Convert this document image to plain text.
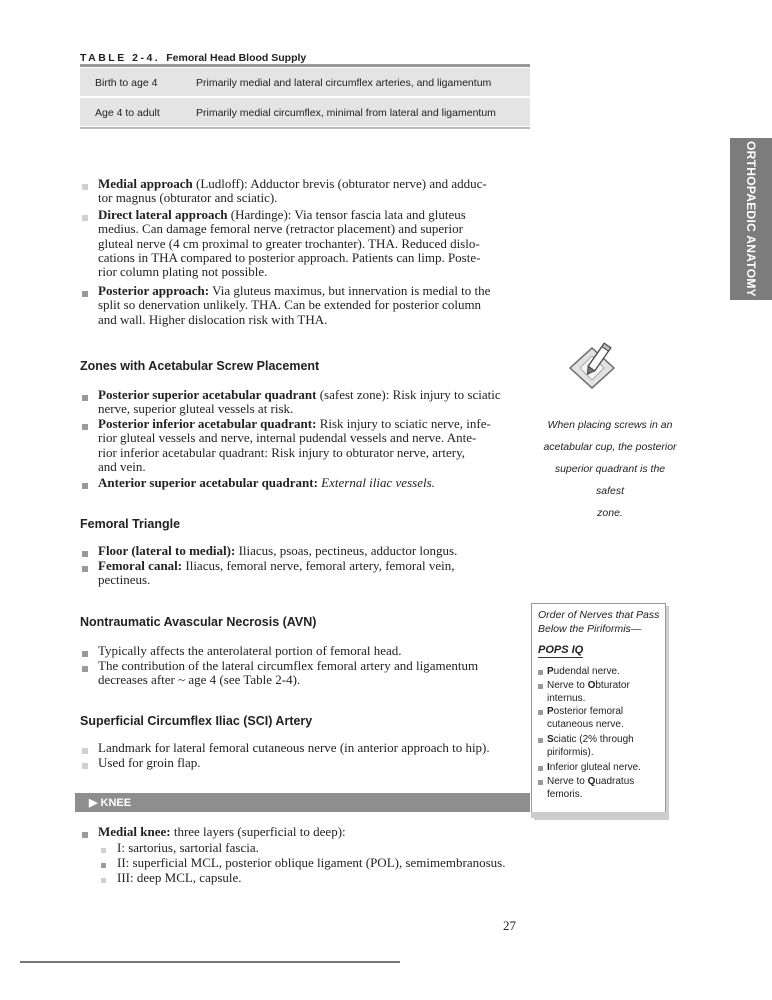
TABLE 2-4. Femoral Head Blood Supply
Birth to age 4	Primarily medial and lateral circumflex arteries, and ligamentum
Age 4 to adult	Primarily medial circumflex, minimal from lateral and ligamentum
Medial approach (Ludloff): Adductor brevis (obturator nerve) and adduc-
tor magnus (obturator and sciatic).
Direct lateral approach (Hardinge): Via tensor fascia lata and gluteus
medius. Can damage femoral nerve (retractor placement) and superior
gluteal nerve (4 cm proximal to greater trochanter). THA. Reduced dislo-
cations in THA compared to posterior approach. Patients can limp. Poste-
rior column plating not possible.
Posterior approach: Via gluteus maximus, but innervation is medial to the
split so denervation unlikely. THA. Can be extended for posterior column
and wall. Higher dislocation risk with THA.
Zones with Acetabular Screw Placement
Posterior superior acetabular quadrant (safest zone): Risk injury to sciatic
nerve, superior gluteal vessels at risk.
Posterior inferior acetabular quadrant: Risk injury to sciatic nerve, infe-
rior gluteal vessels and nerve, internal pudendal vessels and nerve. Ante-
rior inferior acetabular quadrant: Risk injury to obturator nerve, artery,
and vein.
Anterior superior acetabular quadrant: External iliac vessels.
Femoral Triangle
Floor (lateral to medial): Iliacus, psoas, pectineus, adductor longus.
Femoral canal: Iliacus, femoral nerve, femoral artery, femoral vein,
pectineus.
Nontraumatic Avascular Necrosis (AVN)
Typically affects the anterolateral portion of femoral head.
The contribution of the lateral circumflex femoral artery and ligamentum
decreases after ~ age 4 (see Table 2-4).
Superficial Circumflex Iliac (SCI) Artery
Landmark for lateral femoral cutaneous nerve (in anterior approach to hip).
Used for groin flap.
▶ KNEE
Medial knee: three layers (superficial to deep):
I: sartorius, sartorial fascia.
II: superficial MCL, posterior oblique ligament (POL), semimembranosus.
III: deep MCL, capsule.
ORTHOPAEDIC ANATOMY
When placing screws in an
acetabular cup, the posterior
superior quadrant is the safest
zone.
Order of Nerves that Pass Below the Piriformis—
POPS IQ
Pudendal nerve.
Nerve to Obturator internus.
Posterior femoral cutaneous nerve.
Sciatic (2% through piriformis).
Inferior gluteal nerve.
Nerve to Quadratus femoris.
27
